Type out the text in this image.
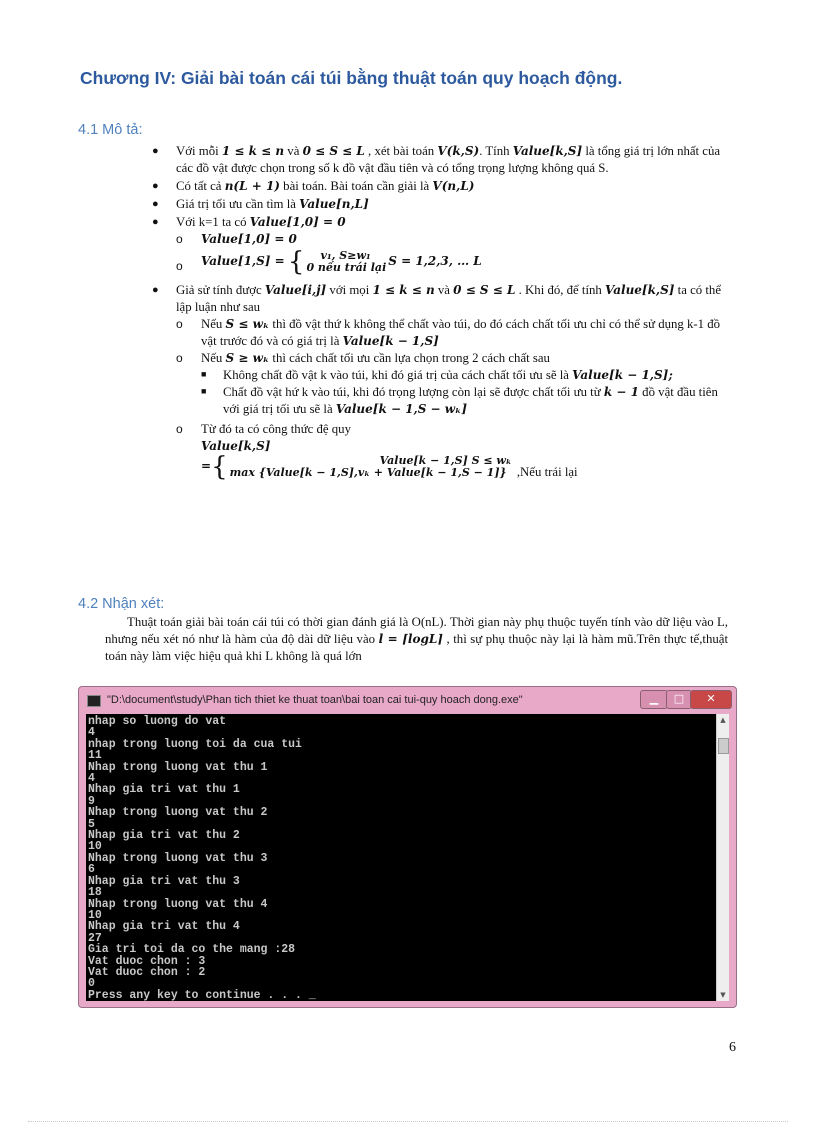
Chương IV: Giải bài toán cái túi bằng thuật toán quy hoạch động.
4.1 Mô tả:
● Với mỗi 1 ≤ k ≤ n và 0 ≤ S ≤ L , xét bài toán V(k,S). Tính Value[k,S] là tổng giá trị lớn nhất của các đồ vật được chọn trong số k đồ vật đầu tiên và có tổng trọng lượng không quá S.
● Có tất cả n(L + 1) bài toán. Bài toán cần giải là V(n,L)
● Giá trị tối ưu cần tìm là Value[n,L]
● Với k=1 ta có Value[1,0] = 0
o Value[1,0] = 0
o Value[1,S] = { v₁, S≥w₁
0 nếu trái lại S = 1,2,3, … L
● Giả sử tính được Value[i,j] với mọi 1 ≤ k ≤ n và 0 ≤ S ≤ L . Khi đó, để tính Value[k,S] ta có thể lập luận như sau
o Nếu S ≤ wₖ thì đồ vật thứ k không thể chất vào túi, do đó cách chất tối ưu chỉ có thể sử dụng k-1 đồ vật trước đó và có giá trị là Value[k − 1,S]
o Nếu S ≥ wₖ thì cách chất tối ưu cần lựa chọn trong 2 cách chất sau
■ Không chất đồ vật k vào túi, khi đó giá trị của cách chất tối ưu sẽ là Value[k − 1,S];
■ Chất đồ vật hứ k vào túi, khi đó trọng lượng còn lại sẽ được chất tối ưu từ k − 1 đồ vật đầu tiên với giá trị tối ưu sẽ là Value[k − 1,S − wₖ]
o Từ đó ta có công thức đệ quy
Value[k,S]
={	Value[k − 1,S] S ≤ wₖ
max {Value[k − 1,S],vₖ + Value[k − 1,S − 1]} ,Nếu trái lại
4.2 Nhận xét:
Thuật toán giải bài toán cái túi có thời gian đánh giá là O(nL). Thời gian này phụ thuộc tuyến tính vào dữ liệu vào L, nhưng nếu xét nó như là hàm của độ dài dữ liệu vào l = ⌈logL⌉ , thì sự phụ thuộc này lại là hàm mũ.Trên thực tế,thuật toán này làm việc hiệu quả khi L không là quá lớn
"D:\document\study\Phan tich thiet ke thuat toan\bai toan cai tui-quy hoach dong.exe"	▁	□	✕
nhap so luong do vat
4
nhap trong luong toi da cua tui
11
Nhap trong luong vat thu 1
4
Nhap gia tri vat thu 1
9
Nhap trong luong vat thu 2
5
Nhap gia tri vat thu 2
10
Nhap trong luong vat thu 3
6
Nhap gia tri vat thu 3
18
Nhap trong luong vat thu 4
10
Nhap gia tri vat thu 4
27
Gia tri toi da co the mang :28
Vat duoc chon : 3
Vat duoc chon : 2
0
Press any key to continue . . . _
▲
▼
6
